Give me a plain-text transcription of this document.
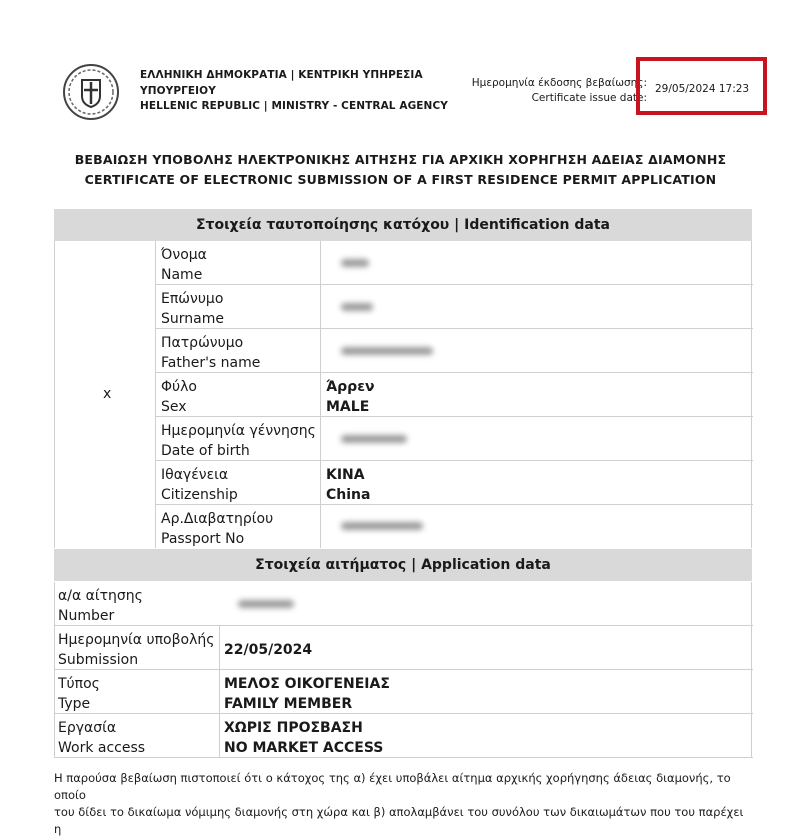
ΕΛΛΗΝΙΚΗ ΔΗΜΟΚΡΑΤΙΑ | ΚΕΝΤΡΙΚΗ ΥΠΗΡΕΣΙΑ
ΥΠΟΥΡΓΕΙΟΥ
HELLENIC REPUBLIC | MINISTRY - CENTRAL AGENCY
Ημερομηνία έκδοσης βεβαίωσης:
Certificate issue date:
29/05/2024 17:23
ΒΕΒΑΙΩΣΗ ΥΠΟΒΟΛΗΣ ΗΛΕΚΤΡΟΝΙΚΗΣ ΑΙΤΗΣΗΣ ΓΙΑ ΑΡΧΙΚΗ ΧΟΡΗΓΗΣΗ ΑΔΕΙΑΣ ΔΙΑΜΟΝΗΣ
CERTIFICATE OF ELECTRONIC SUBMISSION OF A FIRST RESIDENCE PERMIT APPLICATION
Στοιχεία ταυτοποίησης κατόχου | Identification data
x
Όνομα
Name
Επώνυμο
Surname
Πατρώνυμο
Father's name
Φύλο
Sex
Άρρεν
MALE
Ημερομηνία γέννησης
Date of birth
Ιθαγένεια
Citizenship
ΚΙΝΑ
China
Αρ.Διαβατηρίου
Passport No
Στοιχεία αιτήματος | Application data
α/α αίτησης
Number
Ημερομηνία υποβολής
Submission
22/05/2024
Τύπος
Type
ΜΕΛΟΣ ΟΙΚΟΓΕΝΕΙΑΣ
FAMILY MEMBER
Εργασία
Work access
ΧΩΡΙΣ ΠΡΟΣΒΑΣΗ
NO MARKET ACCESS
Η παρούσα βεβαίωση πιστοποιεί ότι ο κάτοχος της α) έχει υποβάλει αίτημα αρχικής χορήγησης άδειας διαμονής, το οποίο
του δίδει το δικαίωμα νόμιμης διαμονής στη χώρα και β) απολαμβάνει του συνόλου των δικαιωμάτων που του παρέχει η
